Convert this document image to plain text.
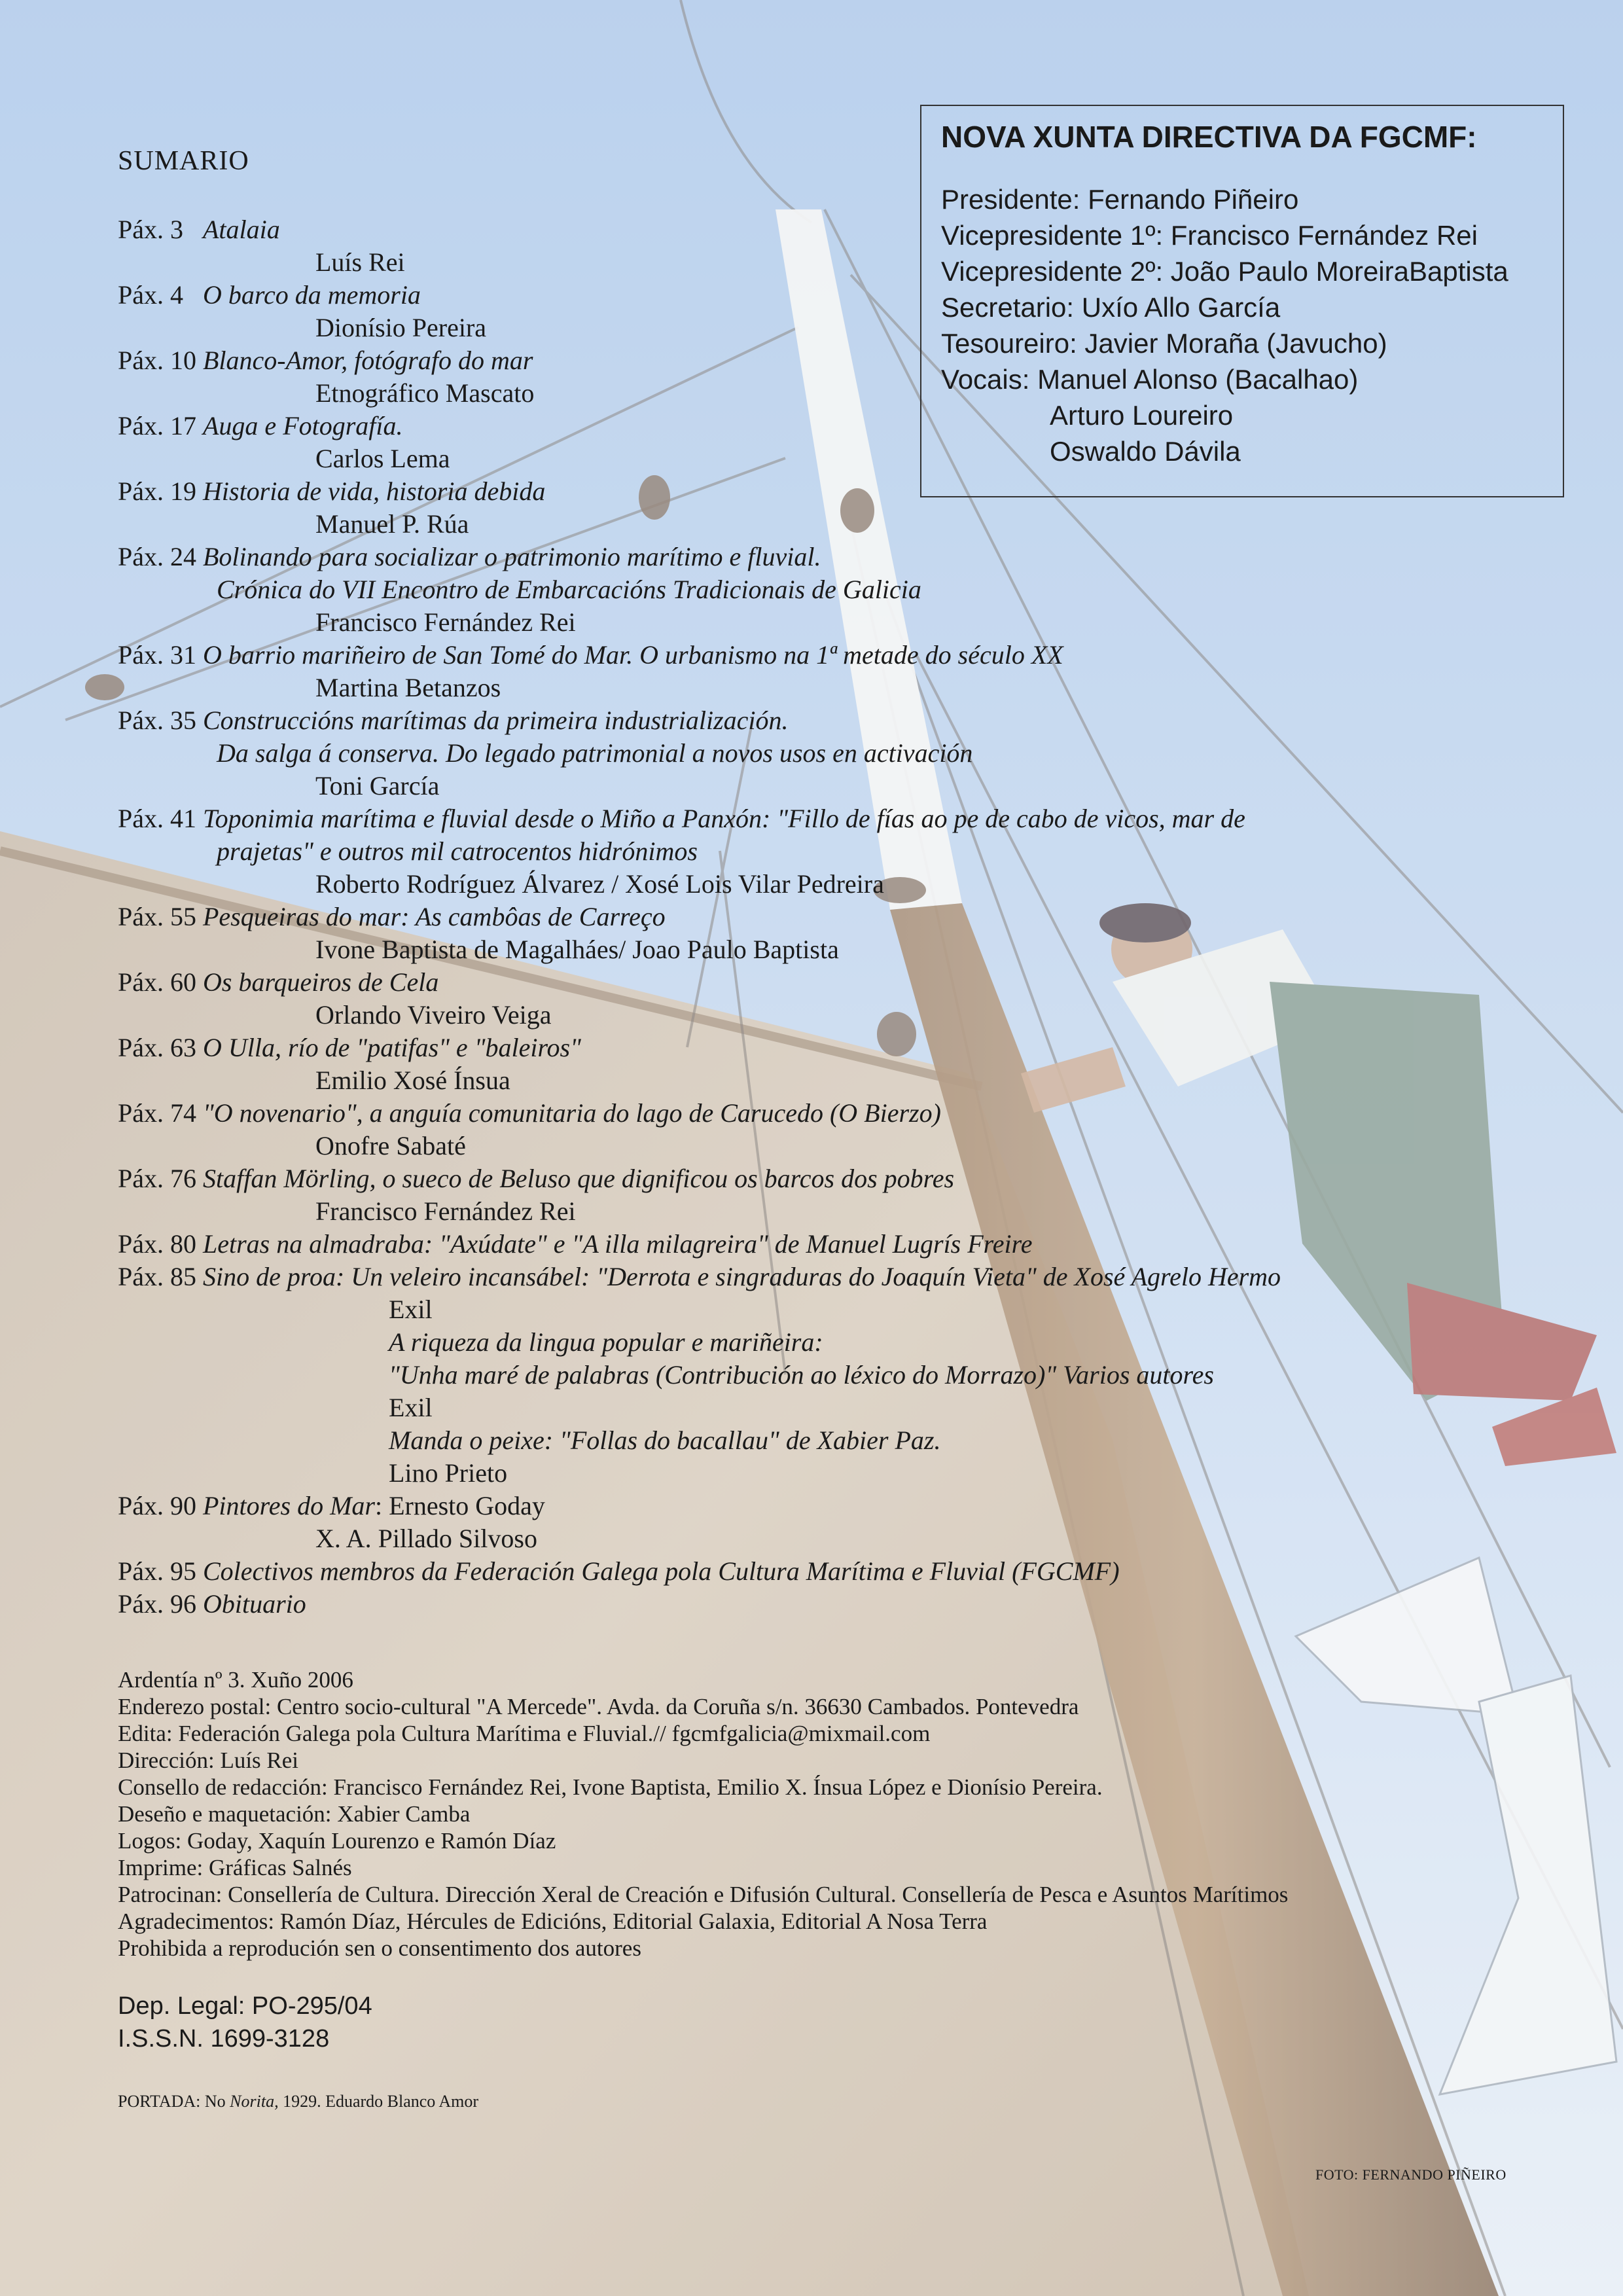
SUMARIO
Páx. 3 Atalaia
Luís Rei
Páx. 4 O barco da memoria
Dionísio Pereira
Páx. 10 Blanco-Amor, fotógrafo do mar
Etnográfico Mascato
Páx. 17 Auga e Fotografía.
Carlos Lema
Páx. 19 Historia de vida, historia debida
Manuel P. Rúa
Páx. 24 Bolinando para socializar o patrimonio marítimo e fluvial.
Crónica do VII Encontro de Embarcacións Tradicionais de Galicia
Francisco Fernández Rei
Páx. 31 O barrio mariñeiro de San Tomé do Mar. O urbanismo na 1ª metade do século XX
Martina Betanzos
Páx. 35 Construccións marítimas da primeira industrialización.
Da salga á conserva. Do legado patrimonial a novos usos en activación
Toni García
Páx. 41 Toponimia marítima e fluvial desde o Miño a Panxón: "Fillo de fías ao pe de cabo de vicos, mar de
prajetas" e outros mil catrocentos hidrónimos
Roberto Rodríguez Álvarez / Xosé Lois Vilar Pedreira
Páx. 55 Pesqueiras do mar: As cambôas de Carreço
Ivone Baptista de Magalháes/ Joao Paulo Baptista
Páx. 60 Os barqueiros de Cela
Orlando Viveiro Veiga
Páx. 63 O Ulla, río de "patifas" e "baleiros"
Emilio Xosé Ínsua
Páx. 74 "O novenario", a anguía comunitaria do lago de Carucedo (O Bierzo)
Onofre Sabaté
Páx. 76 Staffan Mörling, o sueco de Beluso que dignificou os barcos dos pobres
Francisco Fernández Rei
Páx. 80 Letras na almadraba: "Axúdate" e "A illa milagreira" de Manuel Lugrís Freire
Páx. 85 Sino de proa: Un veleiro incansábel: "Derrota e singraduras do Joaquín Vieta" de Xosé Agrelo Hermo
Exil
A riqueza da lingua popular e mariñeira:
"Unha maré de palabras (Contribución ao léxico do Morrazo)" Varios autores
Exil
Manda o peixe: "Follas do bacallau" de Xabier Paz.
Lino Prieto
Páx. 90 Pintores do Mar: Ernesto Goday
X. A. Pillado Silvoso
Páx. 95 Colectivos membros da Federación Galega pola Cultura Marítima e Fluvial (FGCMF)
Páx. 96 Obituario
NOVA XUNTA DIRECTIVA DA FGCMF:
Presidente: Fernando Piñeiro
Vicepresidente 1º: Francisco Fernández Rei
Vicepresidente 2º: João Paulo MoreiraBaptista
Secretario: Uxío Allo García
Tesoureiro: Javier Moraña (Javucho)
Vocais: Manuel Alonso (Bacalhao)
Arturo Loureiro
Oswaldo Dávila
Ardentía nº 3. Xuño 2006
Enderezo postal: Centro socio-cultural "A Mercede". Avda. da Coruña s/n. 36630 Cambados. Pontevedra
Edita: Federación Galega pola Cultura Marítima e Fluvial.// fgcmfgalicia@mixmail.com
Dirección: Luís Rei
Consello de redacción: Francisco Fernández Rei, Ivone Baptista, Emilio X. Ínsua López e Dionísio Pereira.
Deseño e maquetación: Xabier Camba
Logos: Goday, Xaquín Lourenzo e Ramón Díaz
Imprime: Gráficas Salnés
Patrocinan: Consellería de Cultura. Dirección Xeral de Creación e Difusión Cultural. Consellería de Pesca e Asuntos Marítimos
Agradecimentos: Ramón Díaz, Hércules de Edicións, Editorial Galaxia, Editorial A Nosa Terra
Prohibida a reprodución sen o consentimento dos autores
Dep. Legal: PO-295/04
I.S.S.N. 1699-3128
PORTADA: No Norita, 1929. Eduardo Blanco Amor
FOTO: FERNANDO PIÑEIRO
